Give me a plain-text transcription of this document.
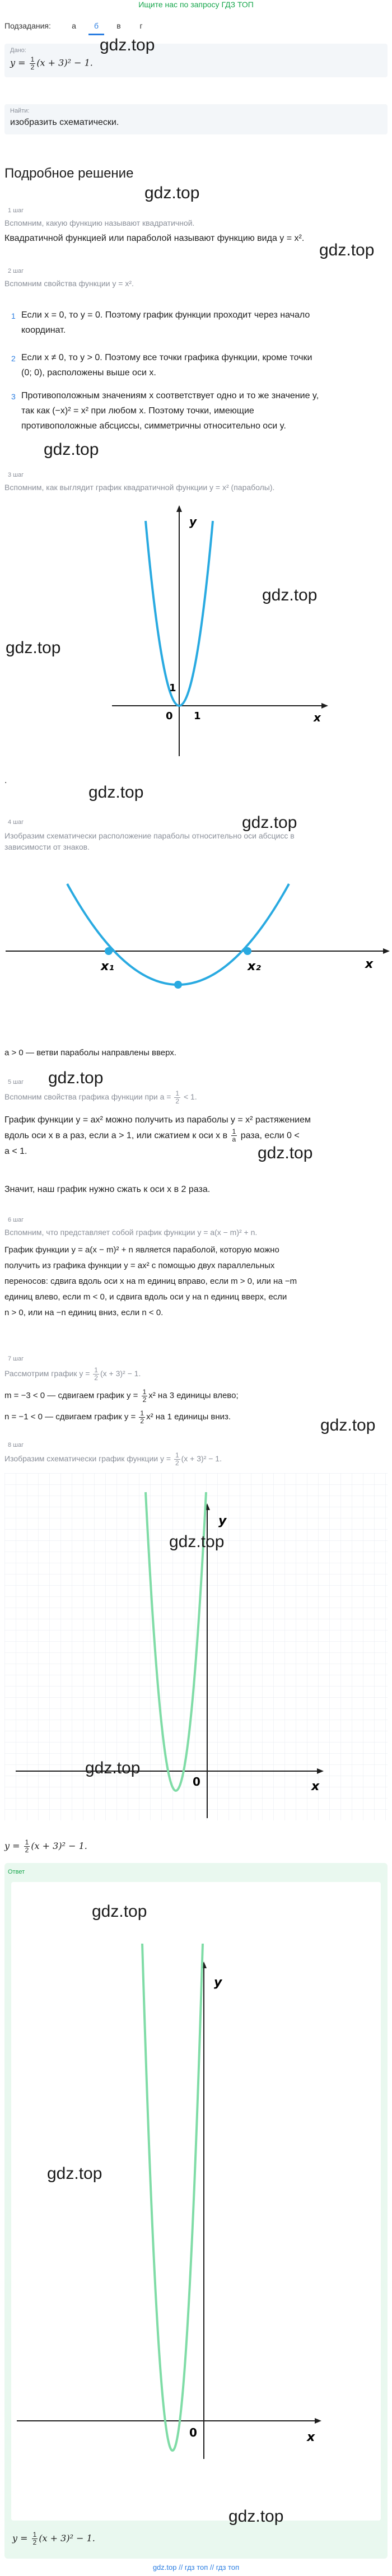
Ищите нас по запросу ГДЗ ТОП
Подзадания:	а	б	в	г
Дано:
$y = \frac{1}{2} (x + 3)^2 - 1$.
gdz.top
Найти:
изобразить схематически.
Подробное решение
gdz.top
1 шаг
Вспомним, какую функцию называют квадратичной.
Квадратичной функцией или параболой называют функцию вида y = x².
gdz.top
2 шаг
Вспомним свойства функции y = x².
1 Если x = 0, то y = 0. Поэтому график функции проходит через начало
координат.
2 Если x ≠ 0, то y > 0. Поэтому все точки графика функции, кроме точки
(0; 0), расположены выше оси x.
3 Противоположным значениям x соответствует одно и то же значение y,
так как (−x)² = x² при любом x. Поэтому точки, имеющие
противоположные абсциссы, симметричны относительно оси y.
gdz.top
3 шаг
Вспомним, как выглядит график квадратичной функции y = x² (параболы).
y
x
0 1
1
gdz.top
gdz.top
.
gdz.top
gdz.top
4 шаг
Изобразим схематически расположение параболы относительно оси абсцисс в
зависимости от знаков.
x₁	x₂	x
a > 0 — ветви параболы направлены вверх.
gdz.top
5 шаг
Вспомним свойства графика функции при $a = \frac{1}{2} < 1$.
График функции y = ax² можно получить из параболы y = x² растяжением
вдоль оси x в a раз, если a > 1, или сжатием к оси x в $\frac{1}{a}$ раза, если 0 <
a < 1.	gdz.top
Значит, наш график нужно сжать к оси x в 2 раза.
6 шаг
Вспомним, что представляет собой график функции y = a(x − m)² + n.
График функции y = a(x − m)² + n является параболой, которую можно
получить из графика функции y = ax² с помощью двух параллельных
переносов: сдвига вдоль оси x на m единиц вправо, если m > 0, или на −m
единиц влево, если m < 0, и сдвига вдоль оси y на n единиц вверх, если
n > 0, или на −n единиц вниз, если n < 0.
7 шаг
Рассмотрим график $y = \frac{1}{2} (x + 3)^2 - 1$.
m = −3 < 0 — сдвигаем график $y = \frac{1}{2} x^2$ на 3 единицы влево;
n = −1 < 0 — сдвигаем график $y = \frac{1}{2} x^2$ на 1 единицы вниз.	gdz.top
8 шаг
Изобразим схематически график функции $y = \frac{1}{2} (x + 3)^2 - 1$.
y
x
0
gdz.top
gdz.top
$y = \frac{1}{2} (x + 3)^2 - 1$.
Ответ
gdz.top
y
x
0
gdz.top
gdz.top
$y = \frac{1}{2} (x + 3)^2 - 1$.
gdz.top // гдз топ // гдз топ
